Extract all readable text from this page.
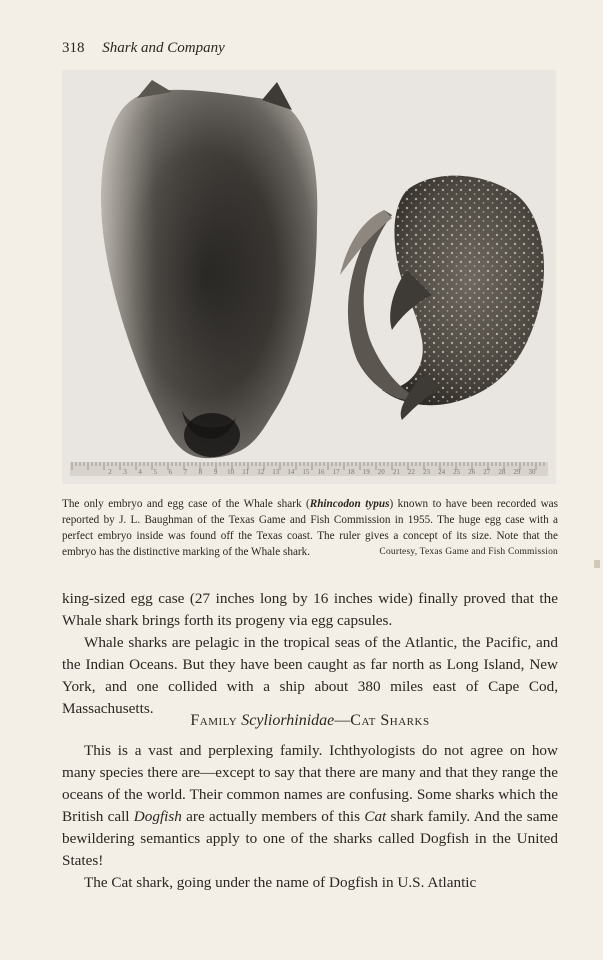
318 Shark and Company
2 3 4 5 6 7 8 9 10 11 12 13 14 15 16 17 18 19 20 21 22 23 24 25 26 27 28 29 30
The only embryo and egg case of the Whale shark (Rhincodon typus) known to have been recorded was reported by J. L. Baughman of the Texas Game and Fish Commission in 1955. The huge egg case with a perfect embryo inside was found off the Texas coast. The ruler gives a concept of its size. Note that the embryo has the distinctive marking of the Whale shark.	Courtesy, Texas Game and Fish Commission

king-sized egg case (27 inches long by 16 inches wide) finally proved that the Whale shark brings forth its progeny via egg capsules.

Whale sharks are pelagic in the tropical seas of the Atlantic, the Pacific, and the Indian Oceans. But they have been caught as far north as Long Island, New York, and one collided with a ship about 380 miles east of Cape Cod, Massachusetts.

Family Scyliorhinidae—Cat Sharks

This is a vast and perplexing family. Ichthyologists do not agree on how many species there are—except to say that there are many and that they range the oceans of the world. Their common names are confusing. Some sharks which the British call Dogfish are actually members of this Cat shark family. And the same bewildering semantics apply to one of the sharks called Dogfish in the United States!

The Cat shark, going under the name of Dogfish in U.S. Atlantic
